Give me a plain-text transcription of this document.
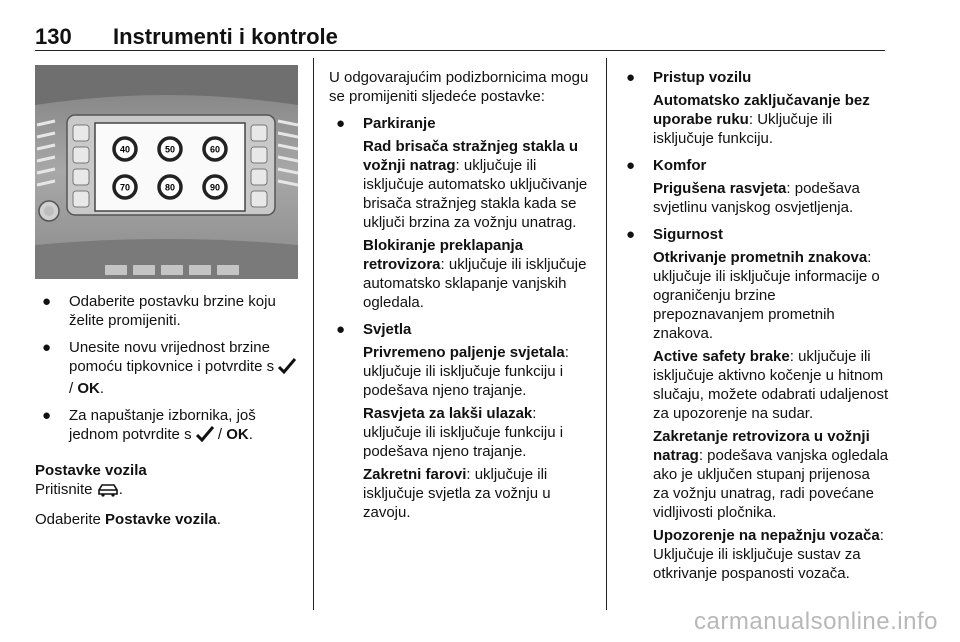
130 Instrumenti i kontrole
40	50	60
70	80	90
● Odaberite postavku brzine koju želite promijeniti.

● Unesite novu vrijednost brzine pomoću tipkovnice i potvrdite s  / OK.

● Za napuštanje izbornika, još jednom potvrdite s  / OK.

Postavke vozila

Pritisnite .

Odaberite Postavke vozila.

U odgovarajućim podizbornicima mogu se promijeniti sljedeće postavke:

● Parkiranje

Rad brisača stražnjeg stakla u vožnji natrag: uključuje ili isključuje automatsko uključivanje brisača stražnjeg stakla kada se uključi brzina za vožnju unatrag.

Blokiranje preklapanja retrovizora: uključuje ili isključuje automatsko sklapanje vanjskih ogledala.

● Svjetla

Privremeno paljenje svjetala: uključuje ili isključuje funkciju i podešava njeno trajanje.

Rasvjeta za lakši ulazak: uključuje ili isključuje funkciju i podešava njeno trajanje.

Zakretni farovi: uključuje ili isključuje svjetla za vožnju u zavoju.

● Pristup vozilu

Automatsko zaključavanje bez uporabe ruku: Uključuje ili isključuje funkciju.

● Komfor

Prigušena rasvjeta: podešava svjetlinu vanjskog osvjetljenja.

● Sigurnost

Otkrivanje prometnih znakova: uključuje ili isključuje informacije o ograničenju brzine prepoznavanjem prometnih znakova.

Active safety brake: uključuje ili isključuje aktivno kočenje u hitnom slučaju, možete odabrati udaljenost za upozorenje na sudar.

Zakretanje retrovizora u vožnji natrag: podešava vanjska ogledala ako je uključen stupanj prijenosa za vožnju unatrag, radi povećane vidljivosti pločnika.

Upozorenje na nepažnju vozača: Uključuje ili isključuje sustav za otkrivanje pospanosti vozača.

carmanualsonline.info
